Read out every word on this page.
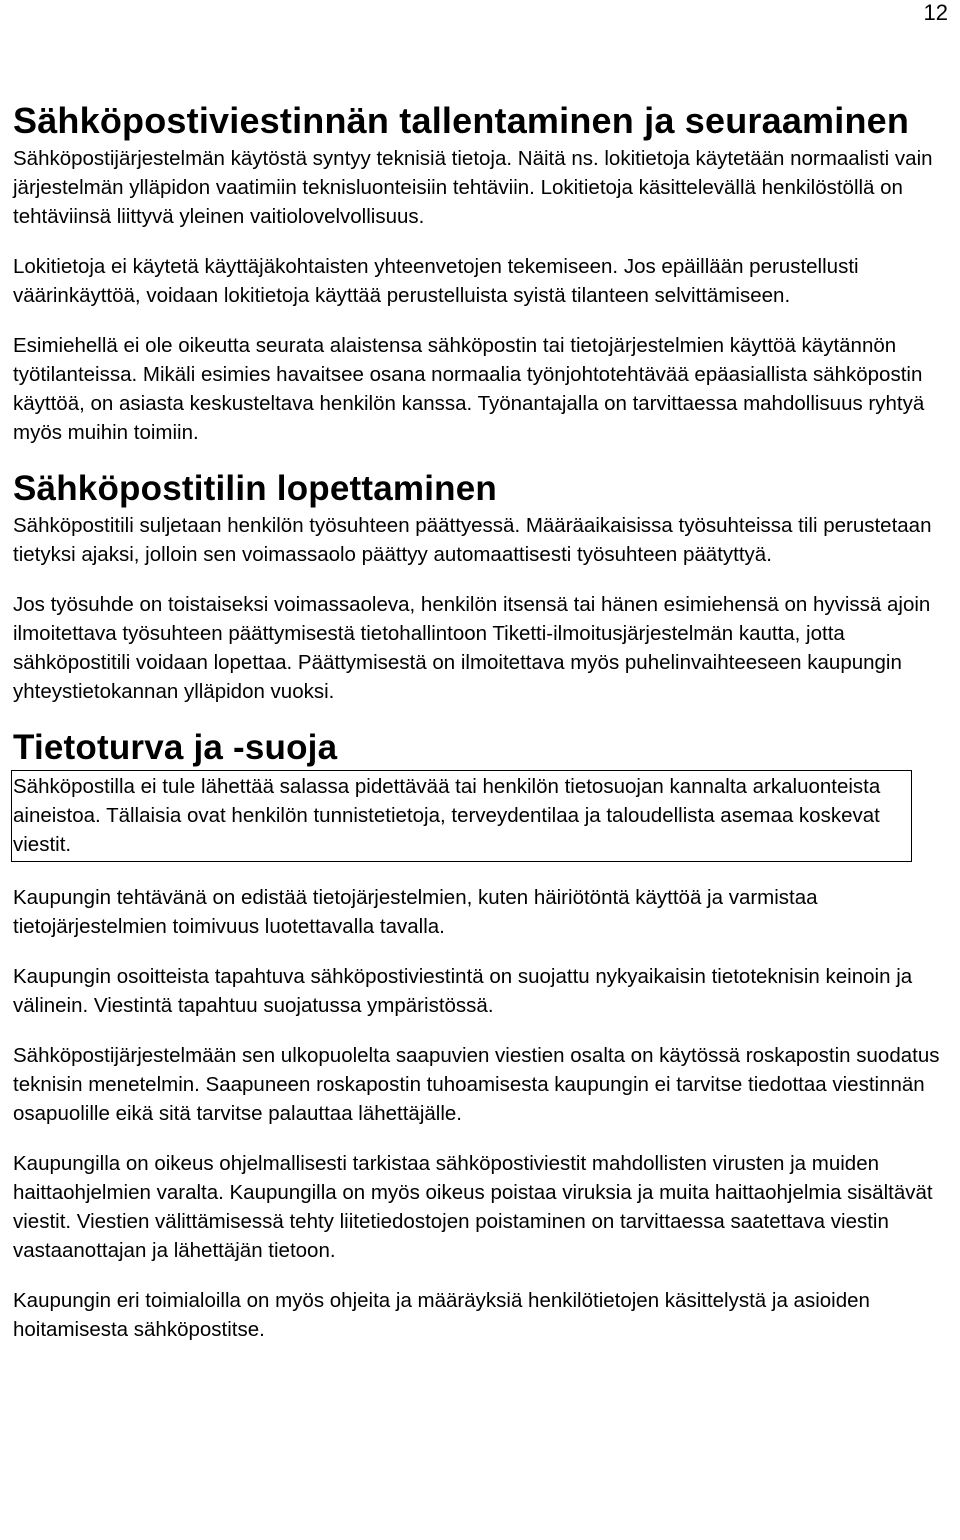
12
Sähköpostiviestinnän tallentaminen ja seuraaminen

Sähköpostijärjestelmän käytöstä syntyy teknisiä tietoja. Näitä ns. lokitietoja käytetään normaalisti vain järjestelmän ylläpidon vaatimiin teknisluonteisiin tehtäviin. Lokitietoja käsittelevällä henkilöstöllä on tehtäviinsä liittyvä yleinen vaitiolovelvollisuus.

Lokitietoja ei käytetä käyttäjäkohtaisten yhteenvetojen tekemiseen. Jos epäillään perustellusti väärinkäyttöä, voidaan lokitietoja käyttää perustelluista syistä tilanteen selvittämiseen.

Esimiehellä ei ole oikeutta seurata alaistensa sähköpostin tai tietojärjestelmien käyttöä käytännön työtilanteissa. Mikäli esimies havaitsee osana normaalia työnjohtotehtävää epäasiallista sähköpostin käyttöä, on asiasta keskusteltava henkilön kanssa. Työnantajalla on tarvittaessa mahdollisuus ryhtyä myös muihin toimiin.

Sähköpostitilin lopettaminen

Sähköpostitili suljetaan henkilön työsuhteen päättyessä. Määräaikaisissa työsuhteissa tili perustetaan tietyksi ajaksi, jolloin sen voimassaolo päättyy automaattisesti työsuhteen päätyttyä.

Jos työsuhde on toistaiseksi voimassaoleva, henkilön itsensä tai hänen esimiehensä on hyvissä ajoin ilmoitettava työsuhteen päättymisestä tietohallintoon Tiketti-ilmoitusjärjestelmän kautta, jotta sähköpostitili voidaan lopettaa. Päättymisestä on ilmoitettava myös puhelinvaihteeseen kaupungin yhteystietokannan ylläpidon vuoksi.

Tietoturva ja -suoja

Sähköpostilla ei tule lähettää salassa pidettävää tai henkilön tietosuojan kannalta arkaluonteista aineistoa. Tällaisia ovat henkilön tunnistetietoja, terveydentilaa ja taloudellista asemaa koskevat viestit.

Kaupungin tehtävänä on edistää tietojärjestelmien, kuten häiriötöntä käyttöä ja varmistaa tietojärjestelmien toimivuus luotettavalla tavalla.

Kaupungin osoitteista tapahtuva sähköpostiviestintä on suojattu nykyaikaisin tietoteknisin keinoin ja välinein. Viestintä tapahtuu suojatussa ympäristössä.

Sähköpostijärjestelmään sen ulkopuolelta saapuvien viestien osalta on käytössä roskapostin suodatus teknisin menetelmin. Saapuneen roskapostin tuhoamisesta kaupungin ei tarvitse tiedottaa viestinnän osapuolille eikä sitä tarvitse palauttaa lähettäjälle.

Kaupungilla on oikeus ohjelmallisesti tarkistaa sähköpostiviestit mahdollisten virusten ja muiden haittaohjelmien varalta. Kaupungilla on myös oikeus poistaa viruksia ja muita haittaohjelmia sisältävät viestit. Viestien välittämisessä tehty liitetiedostojen poistaminen on tarvittaessa saatettava viestin vastaanottajan ja lähettäjän tietoon.

Kaupungin eri toimialoilla on myös ohjeita ja määräyksiä henkilötietojen käsittelystä ja asioiden hoitamisesta sähköpostitse.
